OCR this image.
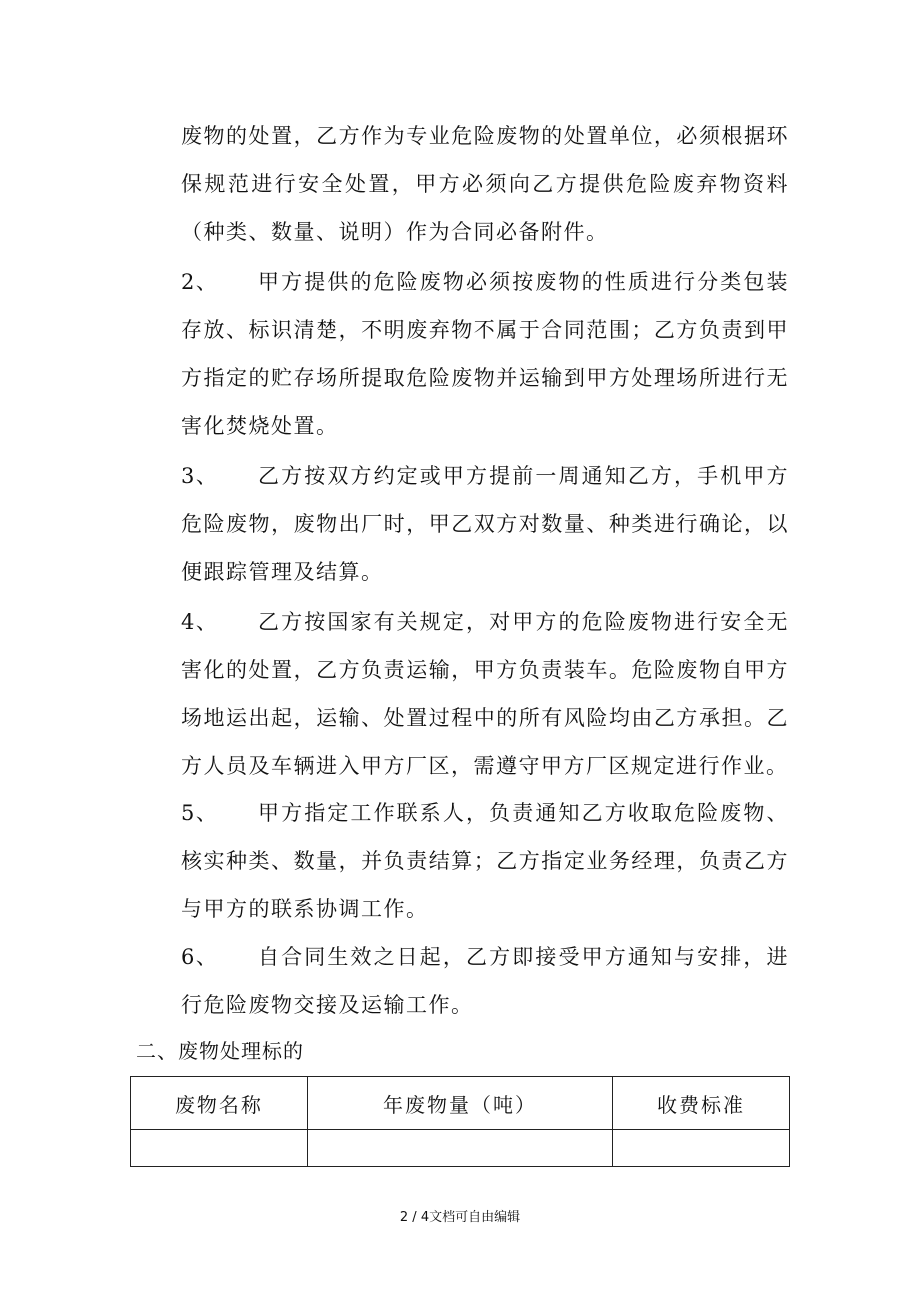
废物的处置，乙方作为专业危险废物的处置单位，必须根据环保规范进行安全处置，甲方必须向乙方提供危险废弃物资料（种类、数量、说明）作为合同必备附件。

2、	甲方提供的危险废物必须按废物的性质进行分类包装存放、标识清楚，不明废弃物不属于合同范围；乙方负责到甲方指定的贮存场所提取危险废物并运输到甲方处理场所进行无害化焚烧处置。

3、	乙方按双方约定或甲方提前一周通知乙方，手机甲方危险废物，废物出厂时，甲乙双方对数量、种类进行确论，以便跟踪管理及结算。

4、	乙方按国家有关规定，对甲方的危险废物进行安全无害化的处置，乙方负责运输，甲方负责装车。危险废物自甲方场地运出起，运输、处置过程中的所有风险均由乙方承担。乙方人员及车辆进入甲方厂区，需遵守甲方厂区规定进行作业。

5、	甲方指定工作联系人，负责通知乙方收取危险废物、核实种类、数量，并负责结算；乙方指定业务经理，负责乙方与甲方的联系协调工作。

6、	自合同生效之日起，乙方即接受甲方通知与安排，进行危险废物交接及运输工作。

二、废物处理标的

废物名称	年废物量（吨）	收费标准

2 / 4文档可自由编辑
